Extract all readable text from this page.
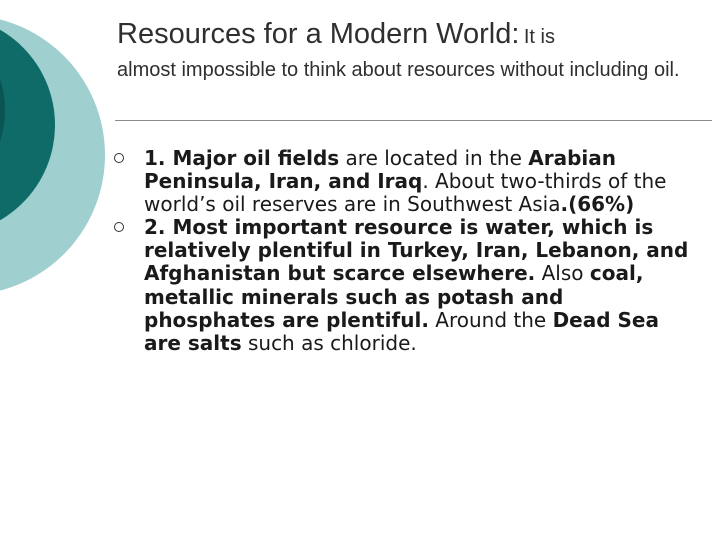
Resources for a Modern World: It is
almost impossible to think about resources without including oil.
1. Major oil fields are located in the Arabian Peninsula, Iran, and Iraq. About two-thirds of the world’s oil reserves are in Southwest Asia.(66%)
2. Most important resource is water, which is relatively plentiful in Turkey, Iran, Lebanon, and Afghanistan but scarce elsewhere. Also coal, metallic minerals such as potash and phosphates are plentiful. Around the Dead Sea are salts such as chloride.
